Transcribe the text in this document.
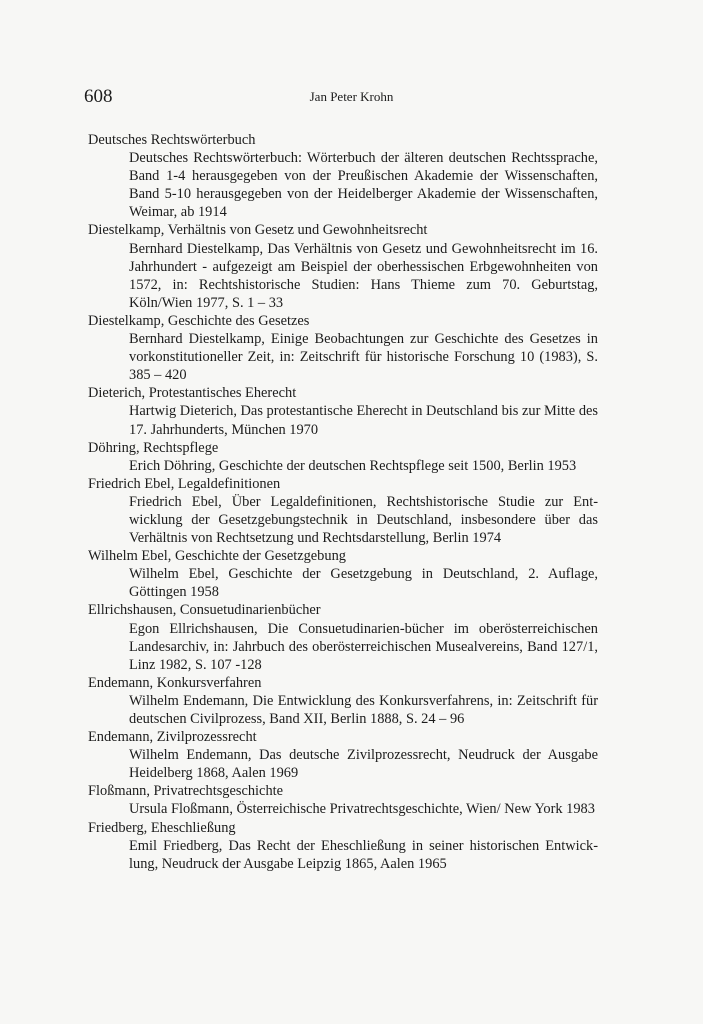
608	Jan Peter Krohn
Deutsches Rechtswörterbuch
Deutsches Rechtswörterbuch: Wörterbuch der älteren deutschen Rechtssprache, Band 1-4 herausgegeben von der Preußischen Akademie der Wissenschaften, Band 5-10 herausgegeben von der Heidelberger Akademie der Wissenschaften, Weimar, ab 1914
Diestelkamp, Verhältnis von Gesetz und Gewohnheitsrecht
Bernhard Diestelkamp, Das Verhältnis von Gesetz und Gewohnheitsrecht im 16. Jahrhundert - aufgezeigt am Beispiel der oberhessischen Erbgewohnheiten von 1572, in: Rechtshistorische Studien: Hans Thieme zum 70. Geburtstag, Köln/Wien 1977, S. 1 – 33
Diestelkamp, Geschichte des Gesetzes
Bernhard Diestelkamp, Einige Beobachtungen zur Geschichte des Gesetzes in vorkonstitutioneller Zeit, in: Zeitschrift für historische Forschung 10 (1983), S. 385 – 420
Dieterich, Protestantisches Eherecht
Hartwig Dieterich, Das protestantische Eherecht in Deutschland bis zur Mitte des 17. Jahrhunderts, München 1970
Döhring, Rechtspflege
Erich Döhring, Geschichte der deutschen Rechtspflege seit 1500, Berlin 1953
Friedrich Ebel, Legaldefinitionen
Friedrich Ebel, Über Legaldefinitionen, Rechtshistorische Studie zur Entwicklung der Gesetzgebungstechnik in Deutschland, insbesondere über das Verhältnis von Rechtsetzung und Rechtsdarstellung, Berlin 1974
Wilhelm Ebel, Geschichte der Gesetzgebung
Wilhelm Ebel, Geschichte der Gesetzgebung in Deutschland, 2. Auflage, Göttingen 1958
Ellrichshausen, Consuetudinarienbücher
Egon Ellrichshausen, Die Consuetudinarien-bücher im oberösterreichischen Landesarchiv, in: Jahrbuch des oberösterreichischen Musealvereins, Band 127/1, Linz 1982, S. 107 -128
Endemann, Konkursverfahren
Wilhelm Endemann, Die Entwicklung des Konkursverfahrens, in: Zeitschrift für deutschen Civilprozess, Band XII, Berlin 1888, S. 24 – 96
Endemann, Zivilprozessrecht
Wilhelm Endemann, Das deutsche Zivilprozessrecht, Neudruck der Ausgabe Heidelberg 1868, Aalen 1969
Floßmann, Privatrechtsgeschichte
Ursula Floßmann, Österreichische Privatrechtsgeschichte, Wien/ New York 1983
Friedberg, Eheschließung
Emil Friedberg, Das Recht der Eheschließung in seiner historischen Entwicklung, Neudruck der Ausgabe Leipzig 1865, Aalen 1965
